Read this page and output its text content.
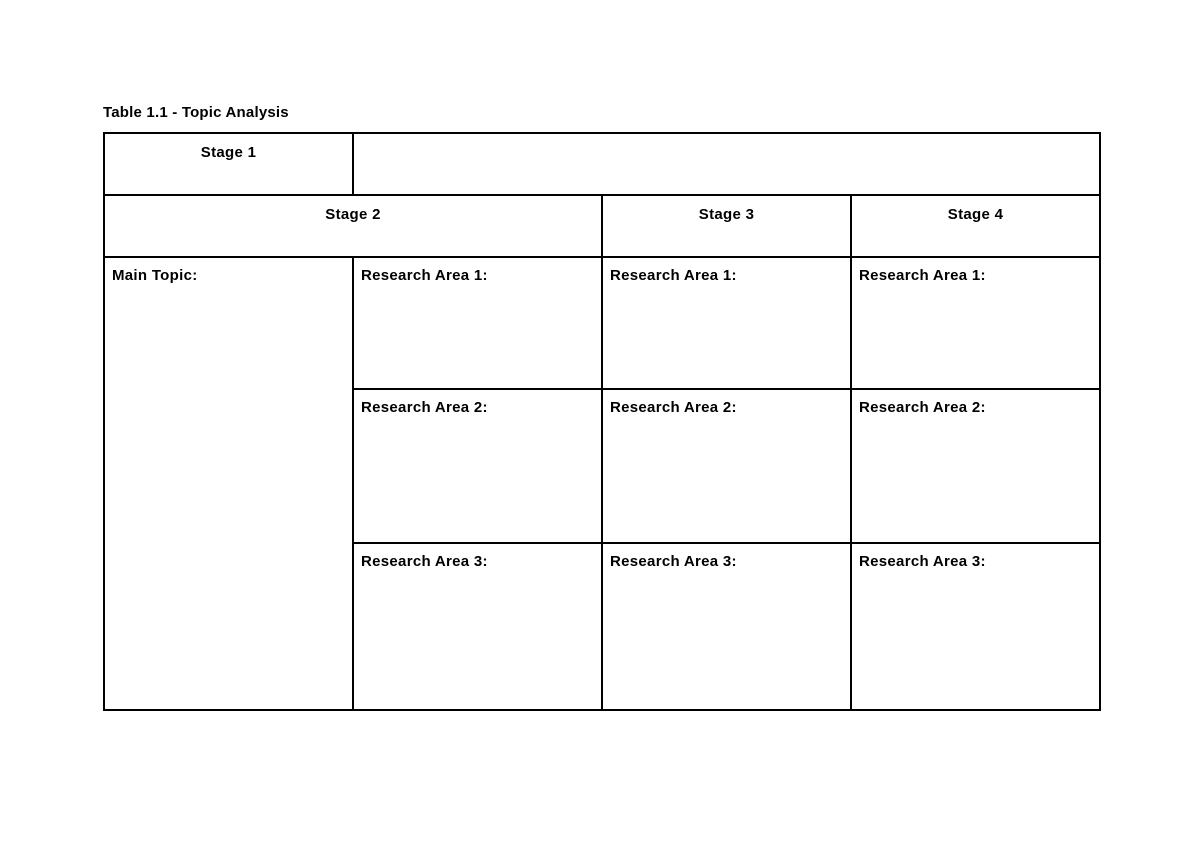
Table 1.1 - Topic Analysis
Stage 1			
Stage 2		Stage 3	Stage 4
Main Topic:	Research Area 1:	Research Area 1:	Research Area 1:
	Research Area 2:	Research Area 2:	Research Area 2:
	Research Area 3:	Research Area 3:	Research Area 3:
